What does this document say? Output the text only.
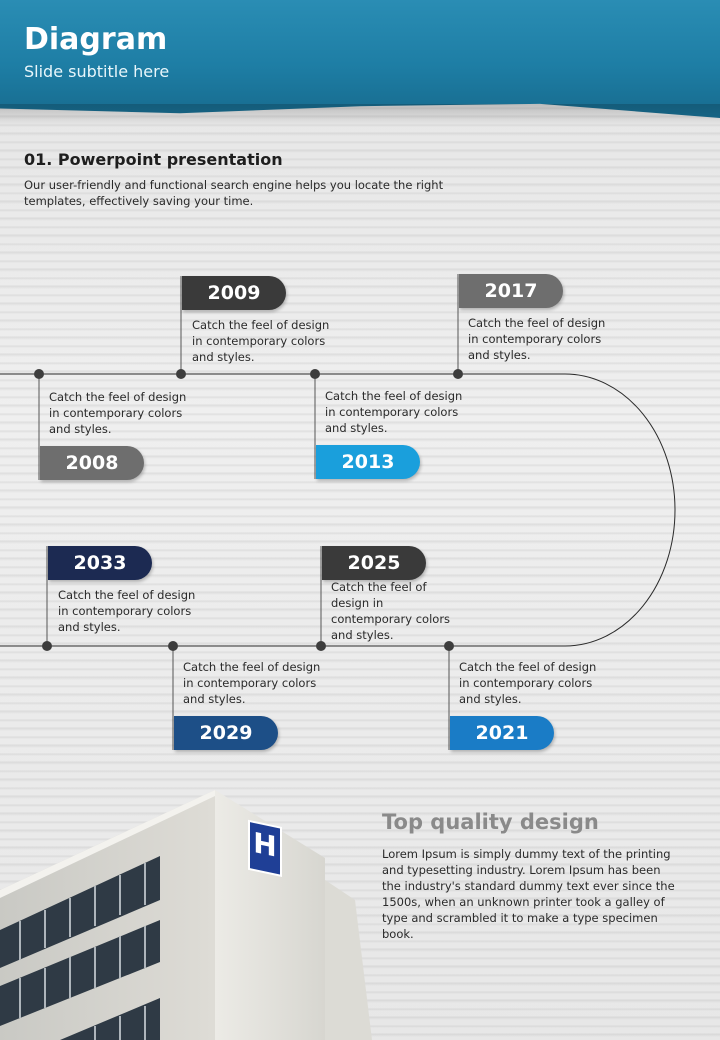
Diagram
Slide subtitle here
01. Powerpoint presentation
Our user-friendly and functional search engine helps you locate the right templates, effectively saving your time.
2008
Catch the feel of design in contemporary colors and styles.
2009
Catch the feel of design in contemporary colors and styles.
2013
Catch the feel of design in contemporary colors and styles.
2017
Catch the feel of design in contemporary colors and styles.
2021
Catch the feel of design in contemporary colors and styles.
2025
Catch the feel of design in contemporary colors and styles.
2029
Catch the feel of design in contemporary colors and styles.
2033
Catch the feel of design in contemporary colors and styles.
H
Top quality design
Lorem Ipsum is simply dummy text of the printing and typesetting industry. Lorem Ipsum has been the industry's standard dummy text ever since the 1500s, when an unknown printer took a galley of type and scrambled it to make a type specimen book.
